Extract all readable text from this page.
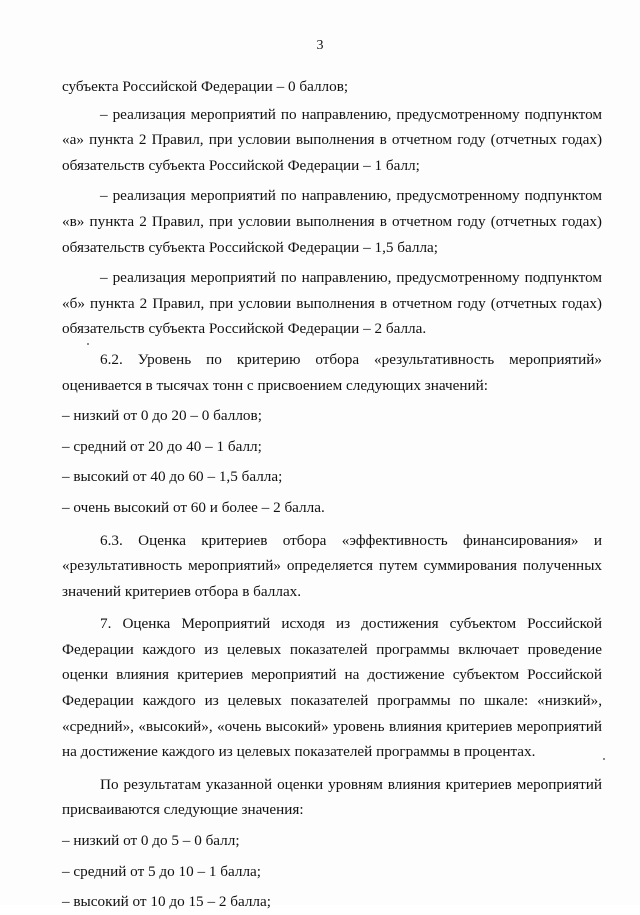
3

субъекта Российской Федерации – 0 баллов;

– реализация мероприятий по направлению, предусмотренному подпунктом «а» пункта 2 Правил, при условии выполнения в отчетном году (отчетных годах) обязательств субъекта Российской Федерации – 1 балл;

– реализация мероприятий по направлению, предусмотренному подпунктом «в» пункта 2 Правил, при условии выполнения в отчетном году (отчетных годах) обязательств субъекта Российской Федерации – 1,5 балла;

– реализация мероприятий по направлению, предусмотренному подпунктом «б» пункта 2 Правил, при условии выполнения в отчетном году (отчетных годах) обязательств субъекта Российской Федерации – 2 балла.

6.2. Уровень по критерию отбора «результативность мероприятий» оценивается в тысячах тонн с присвоением следующих значений:

– низкий от 0 до 20 – 0 баллов;

– средний от 20 до 40 – 1 балл;

– высокий от 40 до 60 – 1,5 балла;

– очень высокий от 60 и более – 2 балла.

6.3. Оценка критериев отбора «эффективность финансирования» и «результативность мероприятий» определяется путем суммирования полученных значений критериев отбора в баллах.

7. Оценка Мероприятий исходя из достижения субъектом Российской Федерации каждого из целевых показателей программы включает проведение оценки влияния критериев мероприятий на достижение субъектом Российской Федерации каждого из целевых показателей программы по шкале: «низкий», «средний», «высокий», «очень высокий» уровень влияния критериев мероприятий на достижение каждого из целевых показателей программы в процентах.

По результатам указанной оценки уровням влияния критериев мероприятий присваиваются следующие значения:

– низкий от 0 до 5 – 0 балл;

– средний от 5 до 10 – 1 балла;

– высокий от 10 до 15 – 2 балла;
